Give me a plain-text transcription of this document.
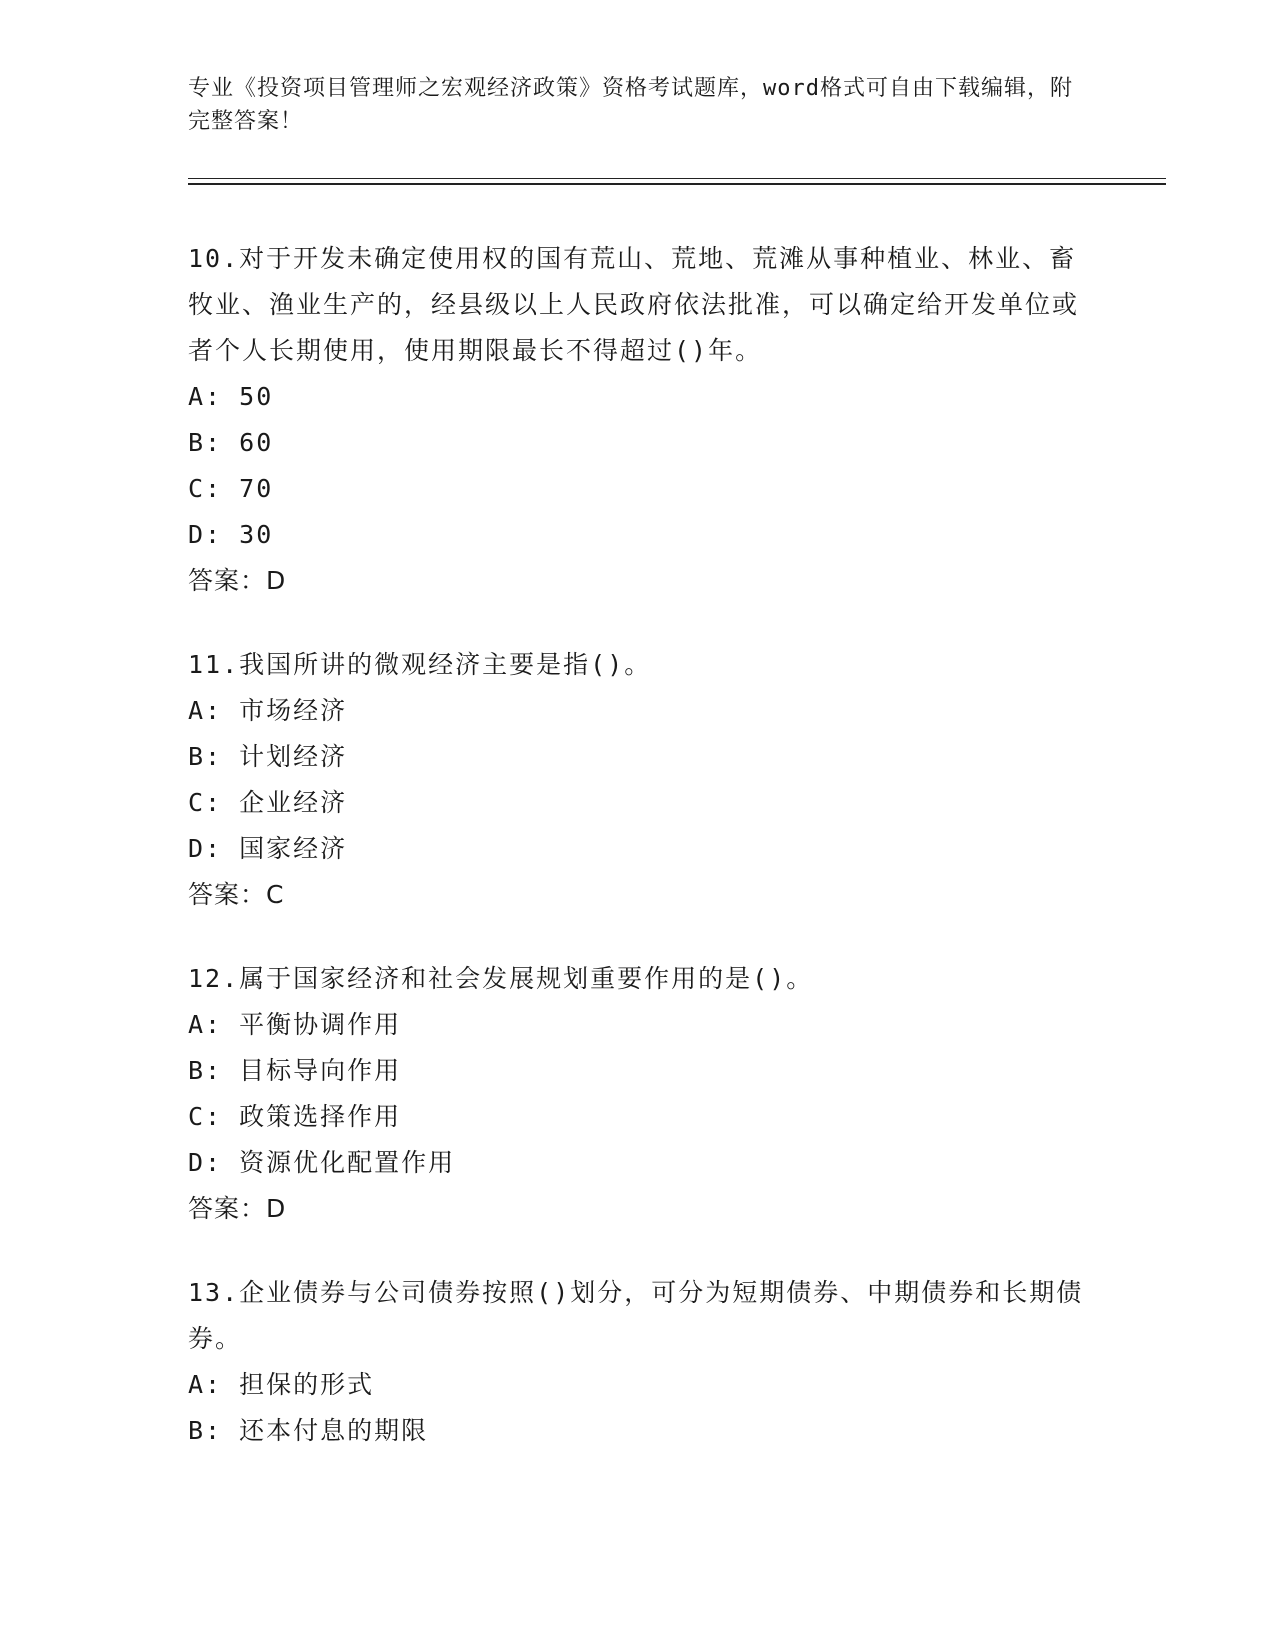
专业《投资项目管理师之宏观经济政策》资格考试题库，word格式可自由下载编辑，附完整答案！
10.对于开发未确定使用权的国有荒山、荒地、荒滩从事种植业、林业、畜牧业、渔业生产的，经县级以上人民政府依法批准，可以确定给开发单位或者个人长期使用，使用期限最长不得超过()年。
A: 50
B: 60
C: 70
D: 30
答案：D
11.我国所讲的微观经济主要是指()。
A: 市场经济
B: 计划经济
C: 企业经济
D: 国家经济
答案：C
12.属于国家经济和社会发展规划重要作用的是()。
A: 平衡协调作用
B: 目标导向作用
C: 政策选择作用
D: 资源优化配置作用
答案：D
13.企业债券与公司债券按照()划分，可分为短期债券、中期债券和长期债券。
A: 担保的形式
B: 还本付息的期限
